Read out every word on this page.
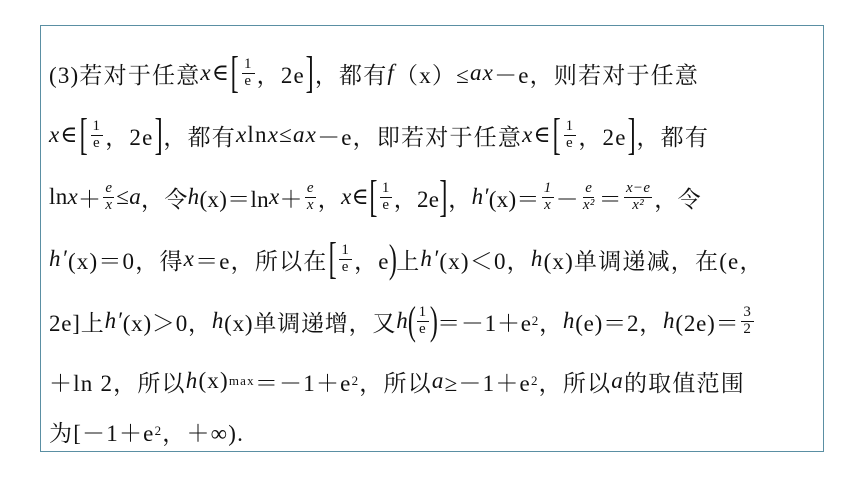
(3)若对于任意 x ∈ [ $\frac{1}{e}$ ，2e ] ，都有 f （x）≤ ax －e，则若对于任意
x ∈ [ $\frac{1}{e}$ ，2e ] ，都有 x ln x ≤ ax －e，即若对于任意 x ∈ [ $\frac{1}{e}$ ，2e ] ，都有
$\ln x + \frac{e}{x} \le a$ ，令 h (x)＝ln $x + \frac{e}{x}$ ， x ∈ [ $\frac{1}{e}$ ，2e ] ， h′ $(x)= \frac{1}{x} - \frac{e}{\text{x²}} = \frac{x-e}{\text{x²}}$ ，令
h′ (x)＝0，得 x ＝e，所以在 [ $\frac{1}{e}$ ，e
)
上 h′ (x)＜0， h (x)单调递减，在(e，
2e]上 h′ (x)＞0， h (x)单调递增，又 h
( $\frac{1}{e}$ )
＝－1＋e 2 ， h (e)＝2， h $(2e)= \frac{3}{2}$
＋ln 2，所以 h (x) max ＝－1＋e 2 ，所以 a ≥－1＋e 2 ，所以 a 的取值范围
为[－1＋e 2 ，＋∞).
